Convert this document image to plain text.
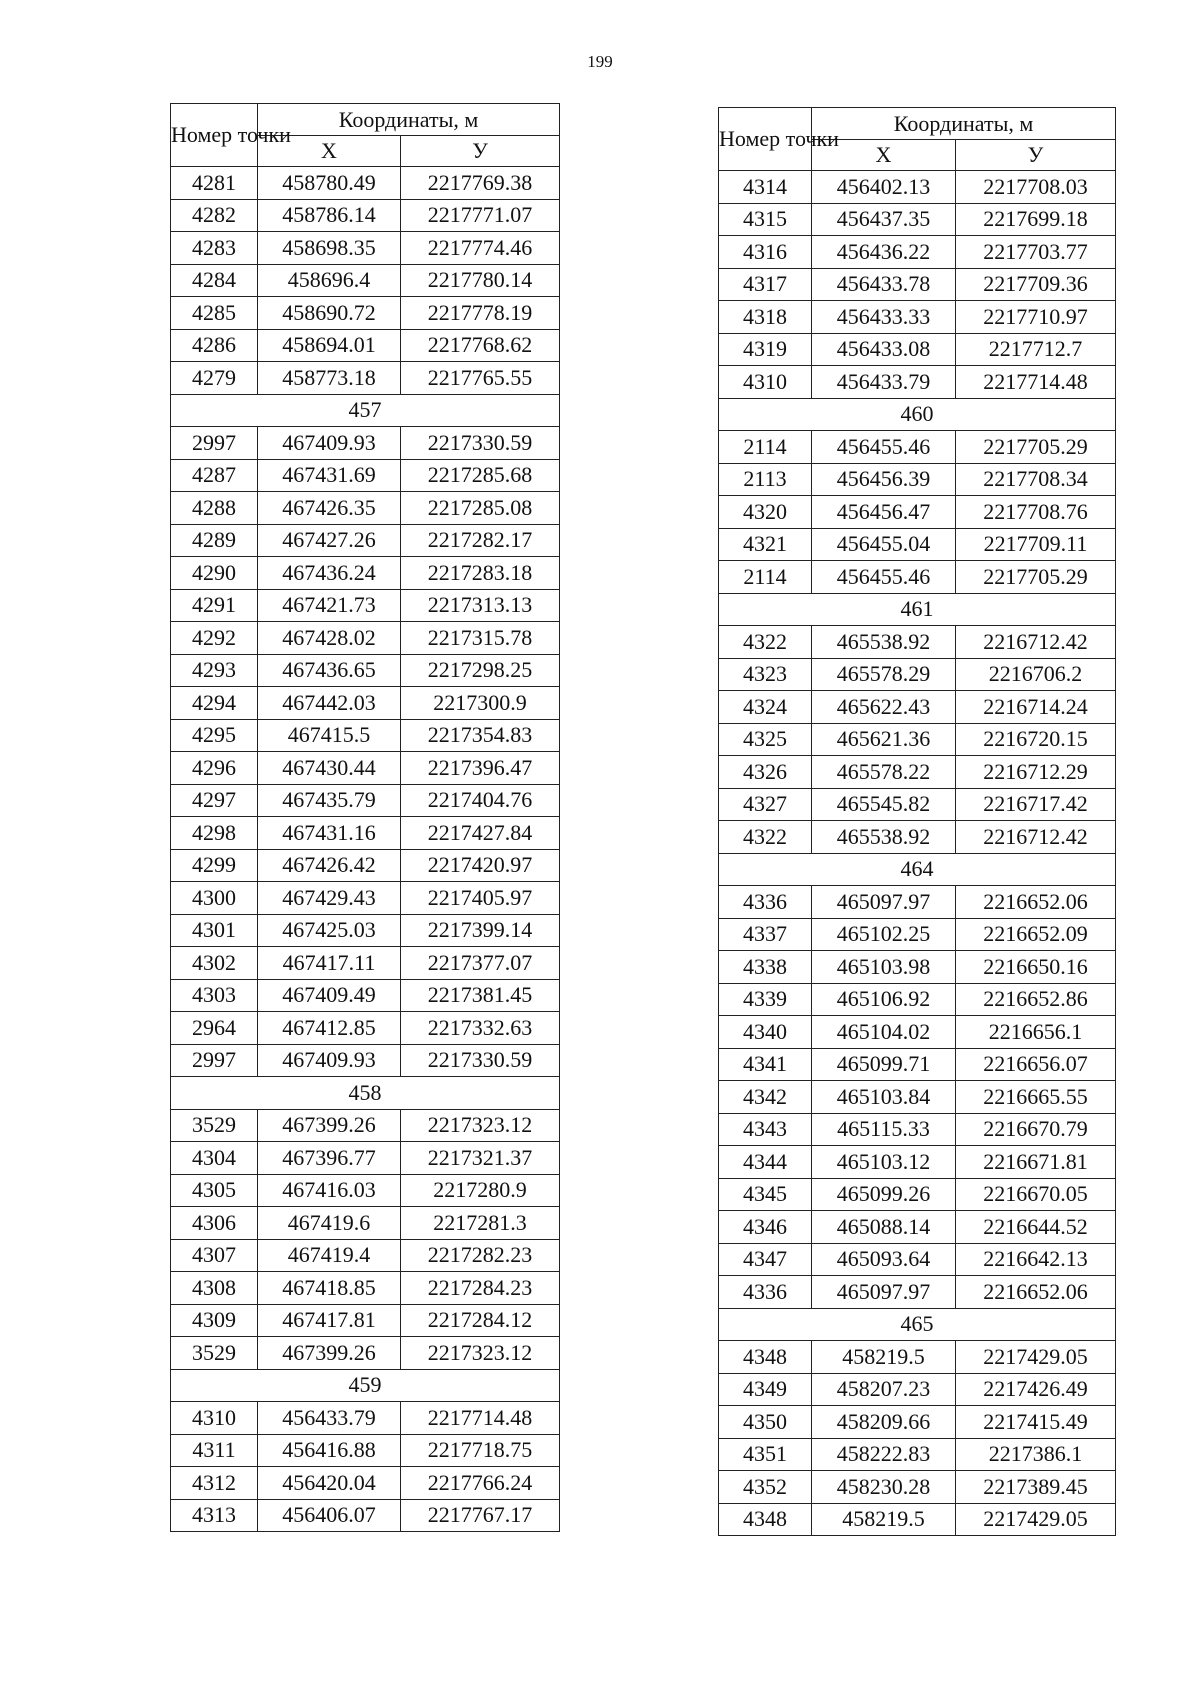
199
Номер точки	Координаты, м	
	Х	У
4281	458780.49	2217769.38
4282	458786.14	2217771.07
4283	458698.35	2217774.46
4284	458696.4	2217780.14
4285	458690.72	2217778.19
4286	458694.01	2217768.62
4279	458773.18	2217765.55
457		
2997	467409.93	2217330.59
4287	467431.69	2217285.68
4288	467426.35	2217285.08
4289	467427.26	2217282.17
4290	467436.24	2217283.18
4291	467421.73	2217313.13
4292	467428.02	2217315.78
4293	467436.65	2217298.25
4294	467442.03	2217300.9
4295	467415.5	2217354.83
4296	467430.44	2217396.47
4297	467435.79	2217404.76
4298	467431.16	2217427.84
4299	467426.42	2217420.97
4300	467429.43	2217405.97
4301	467425.03	2217399.14
4302	467417.11	2217377.07
4303	467409.49	2217381.45
2964	467412.85	2217332.63
2997	467409.93	2217330.59
458		
3529	467399.26	2217323.12
4304	467396.77	2217321.37
4305	467416.03	2217280.9
4306	467419.6	2217281.3
4307	467419.4	2217282.23
4308	467418.85	2217284.23
4309	467417.81	2217284.12
3529	467399.26	2217323.12
459		
4310	456433.79	2217714.48
4311	456416.88	2217718.75
4312	456420.04	2217766.24
4313	456406.07	2217767.17
Номер точки	Координаты, м	
	Х	У
4314	456402.13	2217708.03
4315	456437.35	2217699.18
4316	456436.22	2217703.77
4317	456433.78	2217709.36
4318	456433.33	2217710.97
4319	456433.08	2217712.7
4310	456433.79	2217714.48
460		
2114	456455.46	2217705.29
2113	456456.39	2217708.34
4320	456456.47	2217708.76
4321	456455.04	2217709.11
2114	456455.46	2217705.29
461		
4322	465538.92	2216712.42
4323	465578.29	2216706.2
4324	465622.43	2216714.24
4325	465621.36	2216720.15
4326	465578.22	2216712.29
4327	465545.82	2216717.42
4322	465538.92	2216712.42
464		
4336	465097.97	2216652.06
4337	465102.25	2216652.09
4338	465103.98	2216650.16
4339	465106.92	2216652.86
4340	465104.02	2216656.1
4341	465099.71	2216656.07
4342	465103.84	2216665.55
4343	465115.33	2216670.79
4344	465103.12	2216671.81
4345	465099.26	2216670.05
4346	465088.14	2216644.52
4347	465093.64	2216642.13
4336	465097.97	2216652.06
465		
4348	458219.5	2217429.05
4349	458207.23	2217426.49
4350	458209.66	2217415.49
4351	458222.83	2217386.1
4352	458230.28	2217389.45
4348	458219.5	2217429.05
